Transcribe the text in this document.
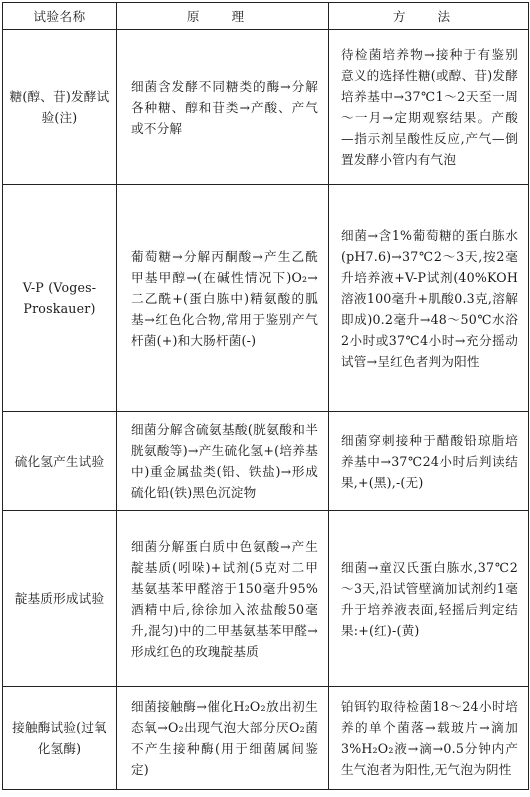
试验名称	原 理	方 法
糖(醇、苷)发酵试验(注)	细菌含发酵不同糖类的酶→分解各种糖、醇和苷类→产酸、产气或不分解	待检菌培养物→接种于有鉴别意义的选择性糖(或醇、苷)发酵培养基中→37℃1～2天至一周～一月→定期观察结果。产酸—指示剂呈酸性反应,产气—倒置发酵小管内有气泡
V-P (Voges-Proskauer)	葡萄糖→分解丙酮酸→产生乙酰甲基甲醇→(在碱性情况下)O₂→二乙酰+(蛋白胨中)精氨酸的胍基→红色化合物,常用于鉴别产气杆菌(+)和大肠杆菌(-)	细菌→含1%葡萄糖的蛋白胨水(pH7.6)→37℃2～3天,按2毫升培养液+V-P试剂(40%KOH溶液100毫升+肌酸0.3克,溶解即成)0.2毫升→48～50℃水浴2小时或37℃4小时→充分摇动试管→呈红色者判为阳性
硫化氢产生试验	细菌分解含硫氨基酸(胱氨酸和半胱氨酸等)→产生硫化氢+(培养基中)重金属盐类(铅、铁盐)→形成硫化铅(铁)黑色沉淀物	细菌穿刺接种于醋酸铅琼脂培养基中→37℃24小时后判读结果,+(黑),-(无)
靛基质形成试验	细菌分解蛋白质中色氨酸→产生靛基质(吲哚)+试剂(5克对二甲基氨基苯甲醛溶于150毫升95%酒精中后,徐徐加入浓盐酸50毫升,混匀)中的二甲基氨基苯甲醛→形成红色的玫瑰靛基质	细菌→童汉氏蛋白胨水,37℃2～3天,沿试管壁滴加试剂约1毫升于培养液表面,轻摇后判定结果:+(红)-(黄)
接触酶试验(过氧化氢酶)	细菌接触酶→催化H₂O₂放出初生态氧→O₂出现气泡大部分厌O₂菌不产生接种酶(用于细菌属间鉴定)	铂铒钓取待检菌18～24小时培养的单个菌落→载玻片→滴加3%H₂O₂液→滴→0.5分钟内产生气泡者为阳性,无气泡为阴性
